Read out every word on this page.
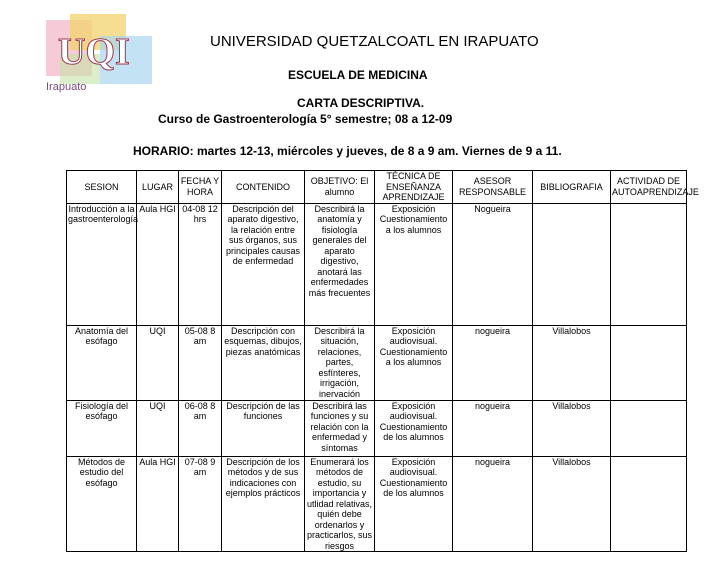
UQI
Irapuato
UNIVERSIDAD QUETZALCOATL EN IRAPUATO
ESCUELA DE MEDICINA
CARTA DESCRIPTIVA.
Curso de Gastroenterología 5° semestre; 08 a 12-09
HORARIO: martes 12-13, miércoles y jueves, de 8 a 9 am. Viernes de 9 a 11.
SESION	LUGAR	FECHA Y HORA	CONTENIDO	OBJETIVO: El alumno	TÉCNICA DE ENSEÑANZA APRENDIZAJE	ASESOR RESPONSABLE	BIBLIOGRAFIA	ACTIVIDAD DE AUTOAPRENDIZAJE
Introducción a la gastroenterología	Aula HGI	04-08 12 hrs	Descripción del aparato digestivo, la relación entre sus órganos, sus principales causas de enfermedad	Describirá la anatomía y fisiología generales del aparato digestivo, anotará las enfermedades más frecuentes	Exposición Cuestionamiento a los alumnos	Nogueira		
Anatomía del esófago	UQI	05-08 8 am	Descripción con esquemas, dibujos, piezas anatómicas	Describirá la situación, relaciones, partes, esfínteres, irrigación, inervación	Exposición audiovisual. Cuestionamiento a los alumnos	nogueira	Villalobos	
Fisiología del esófago	UQI	06-08 8 am	Descripción de las funciones	Describirá las funciones y su relación con la enfermedad y síntomas	Exposición audiovisual. Cuestionamiento de los alumnos	nogueira	Villalobos	
Métodos de estudio del esófago	Aula HGI	07-08 9 am	Descripción de los métodos y de sus indicaciones con ejemplos prácticos	Enumerará los métodos de estudio, su importancia y utlidad relativas, quién debe ordenarlos y practicarlos, sus riesgos	Exposición audiovisual. Cuestionamiento de los alumnos	nogueira	Villalobos	
